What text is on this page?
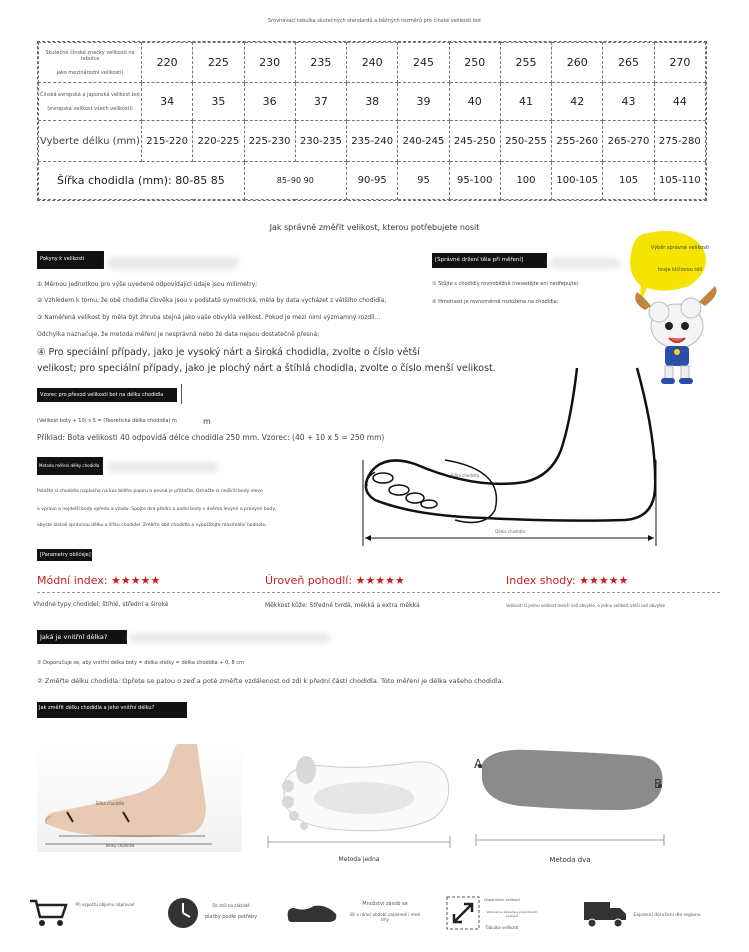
Srovnávací tabulka skutečných standardů a běžných rozměrů pro čínské velikosti bot
Skutečné čínské značky velikostí na tabulce
jako mezinárodní velikosti)	220	225	230	235	240	245	250	255	260	265	270

Čínská evropská a japonská velikost bot
(evropská velikost všech velikostí)	34	35	36	37	38	39	40	41	42	43	44
Vyberte délku (mm)	215-220	220-225	225-230	230-235	235-240	240-245	245-250	250-255	255-260	265-270	275-280
Šířka chodidla (mm): 80-85 85			85–90 90		90-95	95	95-100	100	100-105	105	105-110
Jak správně změřit velikost, kterou potřebujete nosit
Pokyny k velikosti
① Měrnou jednotkou pro výše uvedené odpovídající údaje jsou milimetry;
② Vzhledem k tomu, že obě chodidla člověka jsou v podstatě symetrická, měla by data vycházet z většího chodidla;
③ Naměřená velikost by měla být zhruba stejná jako vaše obvyklá velikost. Pokud je mezi nimi výzmamný rozdíl...
Odchylka naznačuje, že metoda měření je nesprávná nebo že data nejsou dostatečně přesná;
④ Pro speciální případy, jako je vysoký nárt a široká chodidla, zvolte o číslo větší
velikost; pro speciální případy, jako je plochý nárt a štíhlá chodidla, zvolte o číslo menší velikost.
[Správné držení těla při měření]
① Stůjte s chodidly rovnoběžně (nesedějte ani nedřepujte)
② Hmotnost je rovnoměrně rozložena na chodidla;
Výběr správné velikosti
hraje klíčovou roli
Vzorec pro převod velikosti bot na délku chodidla
(Velikost boty + 10) x 5 = (Teoretická délka chodidla) m	m
Příklad: Bota velikosti 40 odpovídá délce chodidla 250 mm. Vzorec: (40 + 10 x 5 = 250 mm)
Metoda měření délky chodidla
Položte si chodidla naplocho na kus bílého papíru a pevně je přitlačte. Označte si nejširší body vlevo
a vpravo a nejdelší body vpředu a vzadu. Spojte dva přední a zadní body s dvěma levými a pravými body,
abyste získali správnou délku a šířku chodidel. Změřte obě chodidla a vypočítejte maximální hodnotu.
Šířka chodidla
Délka chodidla
[Parametry obličeje]
Módní index: ★★★★★	Úroveň pohodlí: ★★★★★	Index shody: ★★★★★
Vhodné typy chodidel: štíhlé, střední a široké	Měkkost kůže: Středně tvrdá, měkká a extra měkká	Velikost: O jednu velikost menší než obvykle, o jednu velikost větší než obvykle
Jaká je vnitřní délka?
① Doporučuje se, aby vnitřní délka boty = délka stélky = délka chodidla + 0, 8 cm
② Změřte délku chodidla: Opřete se patou o zeď a poté změřte vzdálenost od zdi k přední části chodidla. Toto měření je délka vašeho chodidla.
Jak změřit délku chodidla a jeho vnitřní délku?
Šířka chodidla
délky chodidla
Metoda jedna
A
B
Metoda dva
Při výpočtu objemu nápravné	Do dnů na základě
platby podle potřeby
Množství zásob se
liší v rámci období vzájemně i mezi trhy
Doporučení velikosti
Velikost na základě a předchozích postupů
Tabulka velikostí
Expresní doručení dle regionu
